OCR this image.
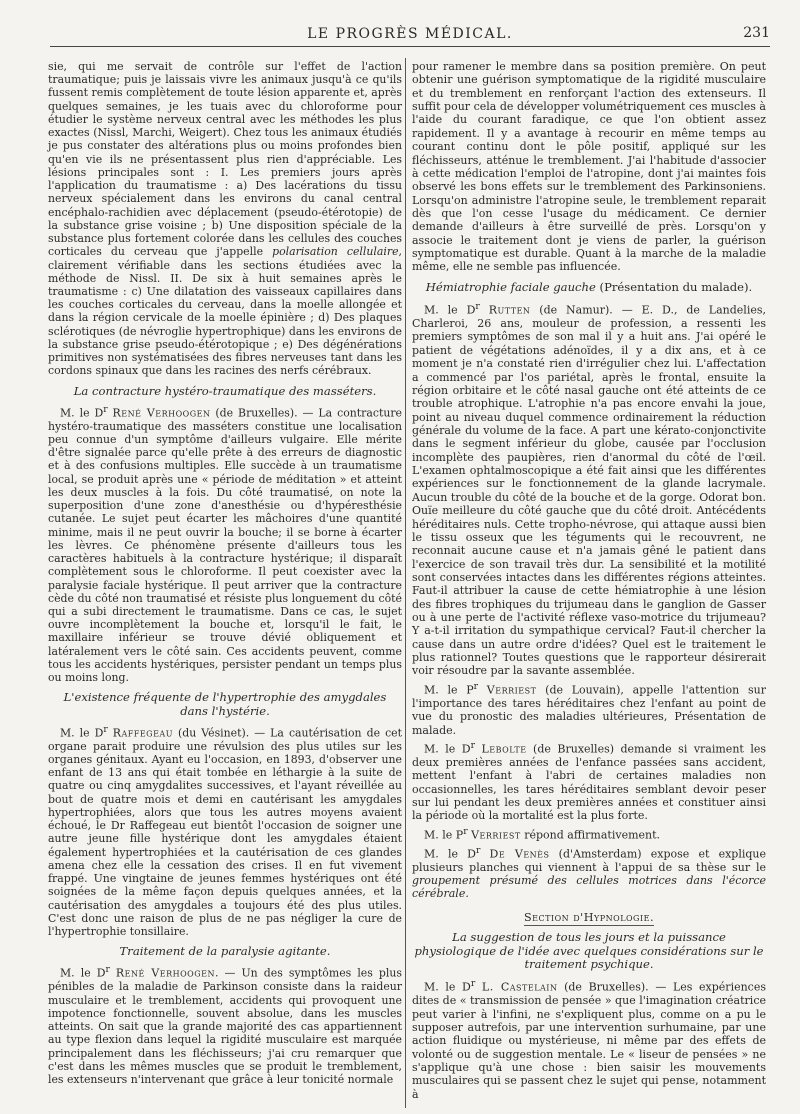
LE PROGRÈS MÉDICAL.	231

sie, qui me servait de contrôle sur l'effet de l'action traumatique; puis je laissais vivre les animaux jusqu'à ce qu'ils fussent remis complètement de toute lésion apparente et, après quelques semaines, je les tuais avec du chloroforme pour étudier le système nerveux central avec les méthodes les plus exactes (Nissl, Marchi, Weigert). Chez tous les animaux étudiés je pus constater des altérations plus ou moins profondes bien qu'en vie ils ne présentassent plus rien d'appréciable. Les lésions principales sont : I. Les premiers jours après l'application du traumatisme : a) Des lacérations du tissu nerveux spécialement dans les environs du canal central encéphalo-rachidien avec déplacement (pseudo-étérotopie) de la substance grise voisine ; b) Une disposition spéciale de la substance plus fortement colorée dans les cellules des couches corticales du cerveau que j'appelle polarisation cellulaire, clairement vérifiable dans les sections étudiées avec la méthode de Nissl. II. De six à huit semaines après le traumatisme : c) Une dilatation des vaisseaux capillaires dans les couches corticales du cerveau, dans la moelle allongée et dans la région cervicale de la moelle épinière ; d) Des plaques sclérotiques (de névroglie hypertrophique) dans les environs de la substance grise pseudo-étérotopique ; e) Des dégénérations primitives non systématisées des fibres nerveuses tant dans les cordons spinaux que dans les racines des nerfs cérébraux.

La contracture hystéro-traumatique des masséters.

M. le $D^r$ René Verhoogen (de Bruxelles). — La contracture hystéro-traumatique des masséters constitue une localisation peu connue d'un symptôme d'ailleurs vulgaire. Elle mérite d'être signalée parce qu'elle prête à des erreurs de diagnostic et à des confusions multiples. Elle succède à un traumatisme local, se produit après une « période de méditation » et atteint les deux muscles à la fois. Du côté traumatisé, on note la superposition d'une zone d'anesthésie ou d'hypéresthésie cutanée. Le sujet peut écarter les mâchoires d'une quantité minime, mais il ne peut ouvrir la bouche; il se borne à écarter les lèvres. Ce phénomène présente d'ailleurs tous les caractères habituels à la contracture hystérique; il disparaît complètement sous le chloroforme. Il peut coexister avec la paralysie faciale hystérique. Il peut arriver que la contracture cède du côté non traumatisé et résiste plus longuement du côté qui a subi directement le traumatisme. Dans ce cas, le sujet ouvre incomplètement la bouche et, lorsqu'il le fait, le maxillaire inférieur se trouve dévié obliquement et latéralement vers le côté sain. Ces accidents peuvent, comme tous les accidents hystériques, persister pendant un temps plus ou moins long.

L'existence fréquente de l'hypertrophie des amygdales dans l'hystérie.

M. le $D^r$ Raffegeau (du Vésinet). — La cautérisation de cet organe parait produire une révulsion des plus utiles sur les organes génitaux. Ayant eu l'occasion, en 1893, d'observer une enfant de 13 ans qui était tombée en léthargie à la suite de quatre ou cinq amygdalites successives, et l'ayant réveillée au bout de quatre mois et demi en cautérisant les amygdales hypertrophiées, alors que tous les autres moyens avaient échoué, le Dr Raffegeau eut bientôt l'occasion de soigner une autre jeune fille hystérique dont les amygdales étaient également hypertrophiées et la cautérisation de ces glandes amena chez elle la cessation des crises. Il en fut vivement frappé. Une vingtaine de jeunes femmes hystériques ont été soignées de la même façon depuis quelques années, et la cautérisation des amygdales a toujours été des plus utiles. C'est donc une raison de plus de ne pas négliger la cure de l'hypertrophie tonsillaire.

Traitement de la paralysie agitante.

M. le $D^r$ René Verhoogen. — Un des symptômes les plus pénibles de la maladie de Parkinson consiste dans la raideur musculaire et le tremblement, accidents qui provoquent une impotence fonctionnelle, souvent absolue, dans les muscles atteints. On sait que la grande majorité des cas appartiennent au type flexion dans lequel la rigidité musculaire est marquée principalement dans les fléchisseurs; j'ai cru remarquer que c'est dans les mêmes muscles que se produit le tremblement, les extenseurs n'intervenant que grâce à leur tonicité normale

pour ramener le membre dans sa position première. On peut obtenir une guérison symptomatique de la rigidité musculaire et du tremblement en renforçant l'action des extenseurs. Il suffit pour cela de développer volumétriquement ces muscles à l'aide du courant faradique, ce que l'on obtient assez rapidement. Il y a avantage à recourir en même temps au courant continu dont le pôle positif, appliqué sur les fléchisseurs, atténue le tremblement. J'ai l'habitude d'associer à cette médication l'emploi de l'atropine, dont j'ai maintes fois observé les bons effets sur le tremblement des Parkinsoniens. Lorsqu'on administre l'atropine seule, le tremblement reparait dès que l'on cesse l'usage du médicament. Ce dernier demande d'ailleurs à être surveillé de près. Lorsqu'on y associe le traitement dont je viens de parler, la guérison symptomatique est durable. Quant à la marche de la maladie même, elle ne semble pas influencée.

Hémiatrophie faciale gauche (Présentation du malade).

M. le $D^r$ Rutten (de Namur). — E. D., de Landelies, Charleroi, 26 ans, mouleur de profession, a ressenti les premiers symptômes de son mal il y a huit ans. J'ai opéré le patient de végétations adénoïdes, il y a dix ans, et à ce moment je n'a constaté rien d'irrégulier chez lui. L'affectation a commencé par l'os pariétal, après le frontal, ensuite la région orbitaire et le côté nasal gauche ont été atteints de ce trouble atrophique. L'atrophie n'a pas encore envahi la joue, point au niveau duquel commence ordinairement la réduction générale du volume de la face. A part une kérato-conjonctivite dans le segment inférieur du globe, causée par l'occlusion incomplète des paupières, rien d'anormal du côté de l'œil. L'examen ophtalmoscopique a été fait ainsi que les différentes expériences sur le fonctionnement de la glande lacrymale. Aucun trouble du côté de la bouche et de la gorge. Odorat bon. Ouïe meilleure du côté gauche que du côté droit. Antécédents héréditaires nuls. Cette tropho-névrose, qui attaque aussi bien le tissu osseux que les téguments qui le recouvrent, ne reconnait aucune cause et n'a jamais gêné le patient dans l'exercice de son travail très dur. La sensibilité et la motilité sont conservées intactes dans les différentes régions atteintes. Faut-il attribuer la cause de cette hémiatrophie à une lésion des fibres trophiques du trijumeau dans le ganglion de Gasser ou à une perte de l'activité réflexe vaso-motrice du trijumeau? Y a-t-il irritation du sympathique cervical? Faut-il chercher la cause dans un autre ordre d'idées? Quel est le traitement le plus rationnel? Toutes questions que le rapporteur désirerait voir résoudre par la savante assemblée.

M. le $P^r$ Verriest (de Louvain), appelle l'attention sur l'importance des tares héréditaires chez l'enfant au point de vue du pronostic des maladies ultérieures, Présentation de malade.

M. le $D^r$ Lebolte (de Bruxelles) demande si vraiment les deux premières années de l'enfance passées sans accident, mettent l'enfant à l'abri de certaines maladies non occasionnelles, les tares héréditaires semblant devoir peser sur lui pendant les deux premières années et constituer ainsi la période où la mortalité est la plus forte.

M. le $P^r$ Verriest répond affirmativement.

M. le $D^r$ De Venès (d'Amsterdam) expose et explique plusieurs planches qui viennent à l'appui de sa thèse sur le groupement présumé des cellules motrices dans l'écorce cérébrale.

Section d'Hypnologie.
La suggestion de tous les jours et la puissance physiologique de l'idée avec quelques considérations sur le traitement psychique.

M. le $D^r$ L. Castelain (de Bruxelles). — Les expériences dites de « transmission de pensée » que l'imagination créatrice peut varier à l'infini, ne s'expliquent plus, comme on a pu le supposer autrefois, par une intervention surhumaine, par une action fluidique ou mystérieuse, ni même par des effets de volonté ou de suggestion mentale. Le « liseur de pensées » ne s'applique qu'à une chose : bien saisir les mouvements musculaires qui se passent chez le sujet qui pense, notamment à
